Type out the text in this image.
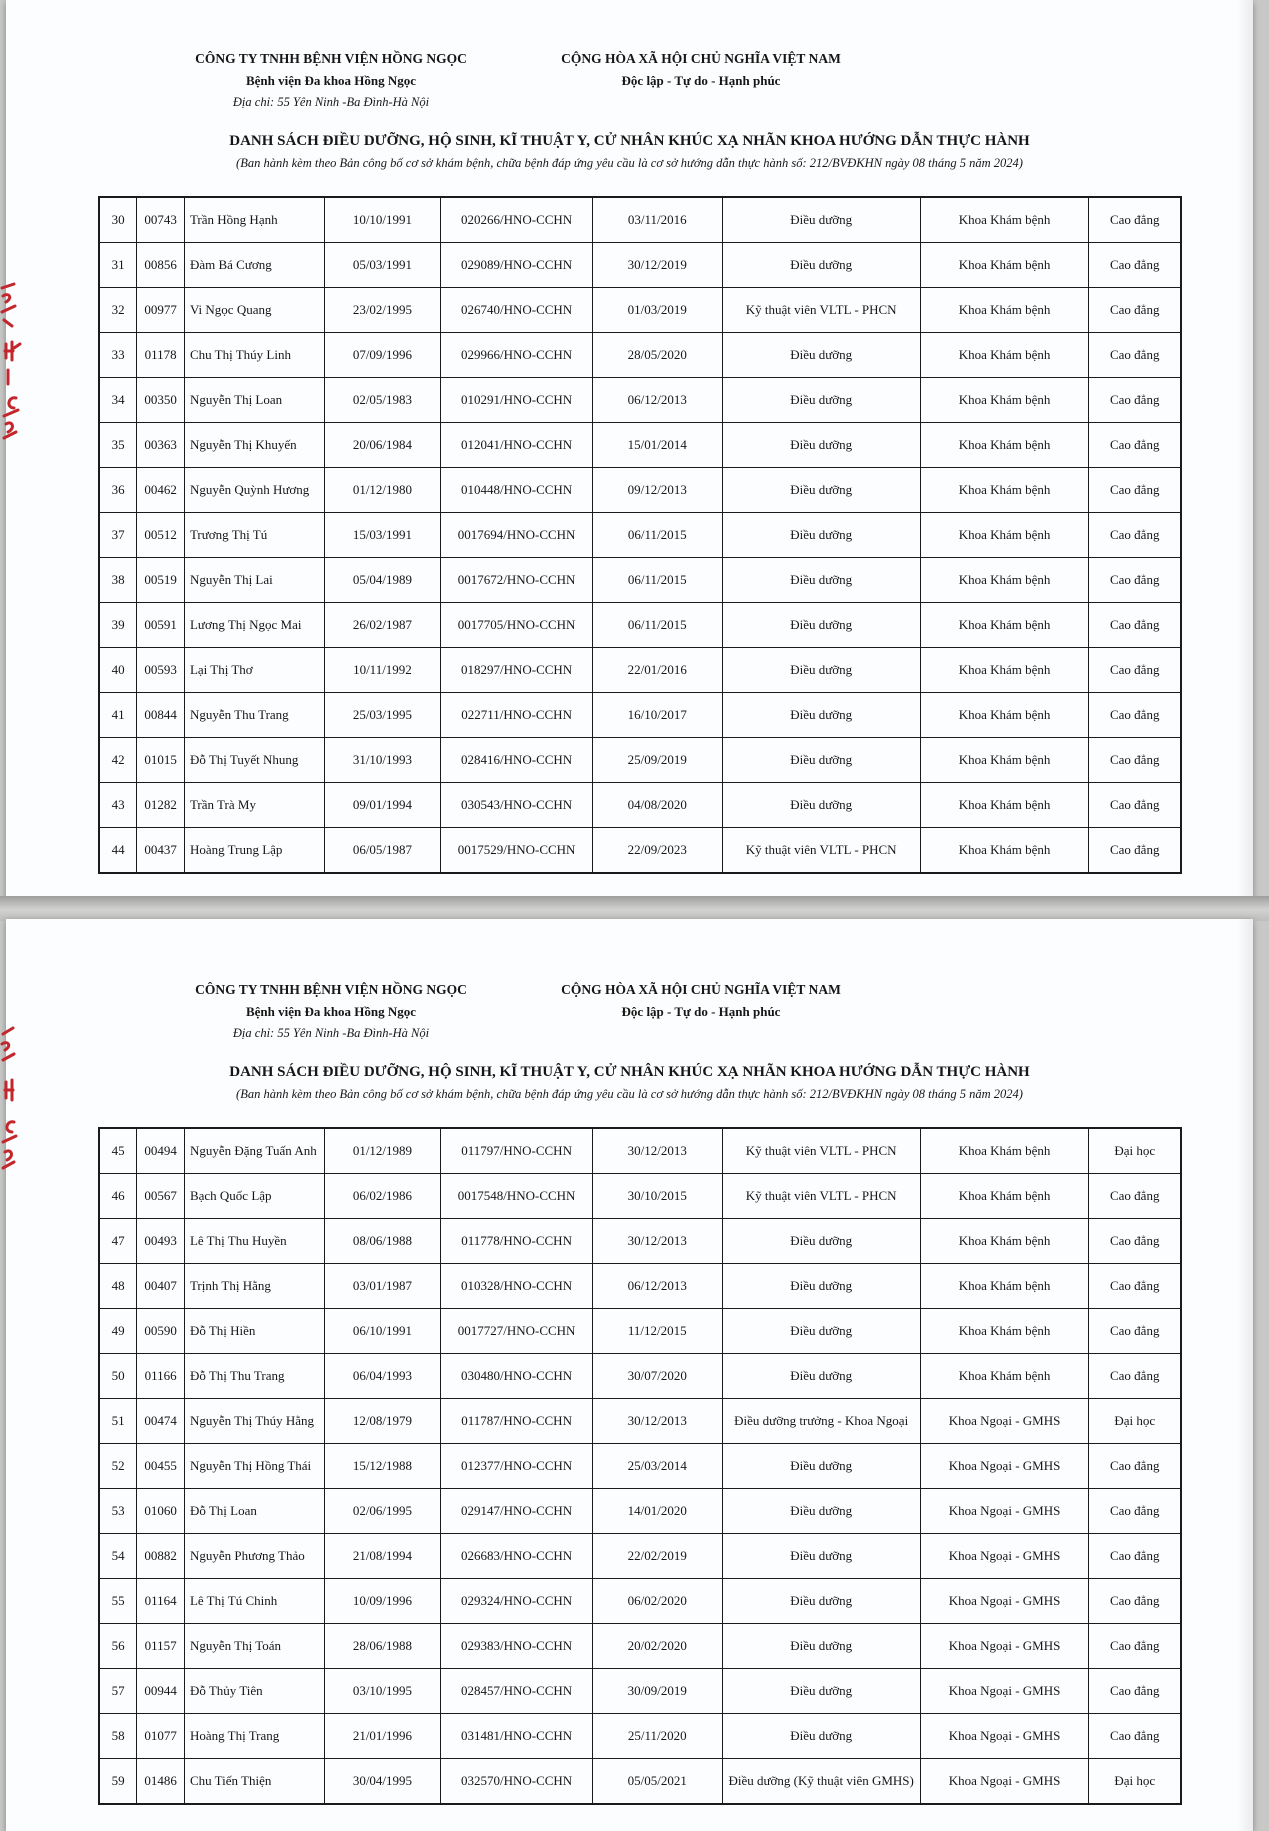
CÔNG TY TNHH BỆNH VIỆN HỒNG NGỌC
Bệnh viện Đa khoa Hồng Ngọc
Địa chỉ: 55 Yên Ninh -Ba Đình-Hà Nội
CỘNG HÒA XÃ HỘI CHỦ NGHĨA VIỆT NAM
Độc lập - Tự do - Hạnh phúc
DANH SÁCH ĐIỀU DƯỠNG, HỘ SINH, KĨ THUẬT Y, CỬ NHÂN KHÚC XẠ NHÃN KHOA HƯỚNG DẪN THỰC HÀNH
(Ban hành kèm theo Bản công bố cơ sở khám bệnh, chữa bệnh đáp ứng yêu cầu là cơ sở hướng dẫn thực hành số: 212/BVĐKHN ngày 08 tháng 5 năm 2024)
30	00743	Trần Hồng Hạnh	10/10/1991	020266/HNO-CCHN	03/11/2016	Điều dưỡng	Khoa Khám bệnh	Cao đẳng
31	00856	Đàm Bá Cương	05/03/1991	029089/HNO-CCHN	30/12/2019	Điều dưỡng	Khoa Khám bệnh	Cao đẳng
32	00977	Vi Ngọc Quang	23/02/1995	026740/HNO-CCHN	01/03/2019	Kỹ thuật viên VLTL - PHCN	Khoa Khám bệnh	Cao đẳng
33	01178	Chu Thị Thúy Linh	07/09/1996	029966/HNO-CCHN	28/05/2020	Điều dưỡng	Khoa Khám bệnh	Cao đẳng
34	00350	Nguyễn Thị Loan	02/05/1983	010291/HNO-CCHN	06/12/2013	Điều dưỡng	Khoa Khám bệnh	Cao đẳng
35	00363	Nguyễn Thị Khuyến	20/06/1984	012041/HNO-CCHN	15/01/2014	Điều dưỡng	Khoa Khám bệnh	Cao đẳng
36	00462	Nguyễn Quỳnh Hương	01/12/1980	010448/HNO-CCHN	09/12/2013	Điều dưỡng	Khoa Khám bệnh	Cao đẳng
37	00512	Trương Thị Tú	15/03/1991	0017694/HNO-CCHN	06/11/2015	Điều dưỡng	Khoa Khám bệnh	Cao đẳng
38	00519	Nguyễn Thị Lai	05/04/1989	0017672/HNO-CCHN	06/11/2015	Điều dưỡng	Khoa Khám bệnh	Cao đẳng
39	00591	Lương Thị Ngọc Mai	26/02/1987	0017705/HNO-CCHN	06/11/2015	Điều dưỡng	Khoa Khám bệnh	Cao đẳng
40	00593	Lại Thị Thơ	10/11/1992	018297/HNO-CCHN	22/01/2016	Điều dưỡng	Khoa Khám bệnh	Cao đẳng
41	00844	Nguyễn Thu Trang	25/03/1995	022711/HNO-CCHN	16/10/2017	Điều dưỡng	Khoa Khám bệnh	Cao đẳng
42	01015	Đỗ Thị Tuyết Nhung	31/10/1993	028416/HNO-CCHN	25/09/2019	Điều dưỡng	Khoa Khám bệnh	Cao đẳng
43	01282	Trần Trà My	09/01/1994	030543/HNO-CCHN	04/08/2020	Điều dưỡng	Khoa Khám bệnh	Cao đẳng
44	00437	Hoàng Trung Lập	06/05/1987	0017529/HNO-CCHN	22/09/2023	Kỹ thuật viên VLTL - PHCN	Khoa Khám bệnh	Cao đẳng
CÔNG TY TNHH BỆNH VIỆN HỒNG NGỌC
Bệnh viện Đa khoa Hồng Ngọc
Địa chỉ: 55 Yên Ninh -Ba Đình-Hà Nội
CỘNG HÒA XÃ HỘI CHỦ NGHĨA VIỆT NAM
Độc lập - Tự do - Hạnh phúc
DANH SÁCH ĐIỀU DƯỠNG, HỘ SINH, KĨ THUẬT Y, CỬ NHÂN KHÚC XẠ NHÃN KHOA HƯỚNG DẪN THỰC HÀNH
(Ban hành kèm theo Bản công bố cơ sở khám bệnh, chữa bệnh đáp ứng yêu cầu là cơ sở hướng dẫn thực hành số: 212/BVĐKHN ngày 08 tháng 5 năm 2024)
45	00494	Nguyễn Đặng Tuấn Anh	01/12/1989	011797/HNO-CCHN	30/12/2013	Kỹ thuật viên VLTL - PHCN	Khoa Khám bệnh	Đại học
46	00567	Bạch Quốc Lập	06/02/1986	0017548/HNO-CCHN	30/10/2015	Kỹ thuật viên VLTL - PHCN	Khoa Khám bệnh	Cao đẳng
47	00493	Lê Thị Thu Huyền	08/06/1988	011778/HNO-CCHN	30/12/2013	Điều dưỡng	Khoa Khám bệnh	Cao đẳng
48	00407	Trịnh Thị Hằng	03/01/1987	010328/HNO-CCHN	06/12/2013	Điều dưỡng	Khoa Khám bệnh	Cao đẳng
49	00590	Đỗ Thị Hiền	06/10/1991	0017727/HNO-CCHN	11/12/2015	Điều dưỡng	Khoa Khám bệnh	Cao đẳng
50	01166	Đỗ Thị Thu Trang	06/04/1993	030480/HNO-CCHN	30/07/2020	Điều dưỡng	Khoa Khám bệnh	Cao đẳng
51	00474	Nguyễn Thị Thúy Hằng	12/08/1979	011787/HNO-CCHN	30/12/2013	Điều dưỡng trưởng - Khoa Ngoại	Khoa Ngoại - GMHS	Đại học
52	00455	Nguyễn Thị Hồng Thái	15/12/1988	012377/HNO-CCHN	25/03/2014	Điều dưỡng	Khoa Ngoại - GMHS	Cao đẳng
53	01060	Đỗ Thị Loan	02/06/1995	029147/HNO-CCHN	14/01/2020	Điều dưỡng	Khoa Ngoại - GMHS	Cao đẳng
54	00882	Nguyễn Phương Thảo	21/08/1994	026683/HNO-CCHN	22/02/2019	Điều dưỡng	Khoa Ngoại - GMHS	Cao đẳng
55	01164	Lê Thị Tú Chinh	10/09/1996	029324/HNO-CCHN	06/02/2020	Điều dưỡng	Khoa Ngoại - GMHS	Cao đẳng
56	01157	Nguyễn Thị Toán	28/06/1988	029383/HNO-CCHN	20/02/2020	Điều dưỡng	Khoa Ngoại - GMHS	Cao đẳng
57	00944	Đỗ Thủy Tiên	03/10/1995	028457/HNO-CCHN	30/09/2019	Điều dưỡng	Khoa Ngoại - GMHS	Cao đẳng
58	01077	Hoàng Thị Trang	21/01/1996	031481/HNO-CCHN	25/11/2020	Điều dưỡng	Khoa Ngoại - GMHS	Cao đẳng
59	01486	Chu Tiến Thiện	30/04/1995	032570/HNO-CCHN	05/05/2021	Điều dưỡng (Kỹ thuật viên GMHS)	Khoa Ngoại - GMHS	Đại học
